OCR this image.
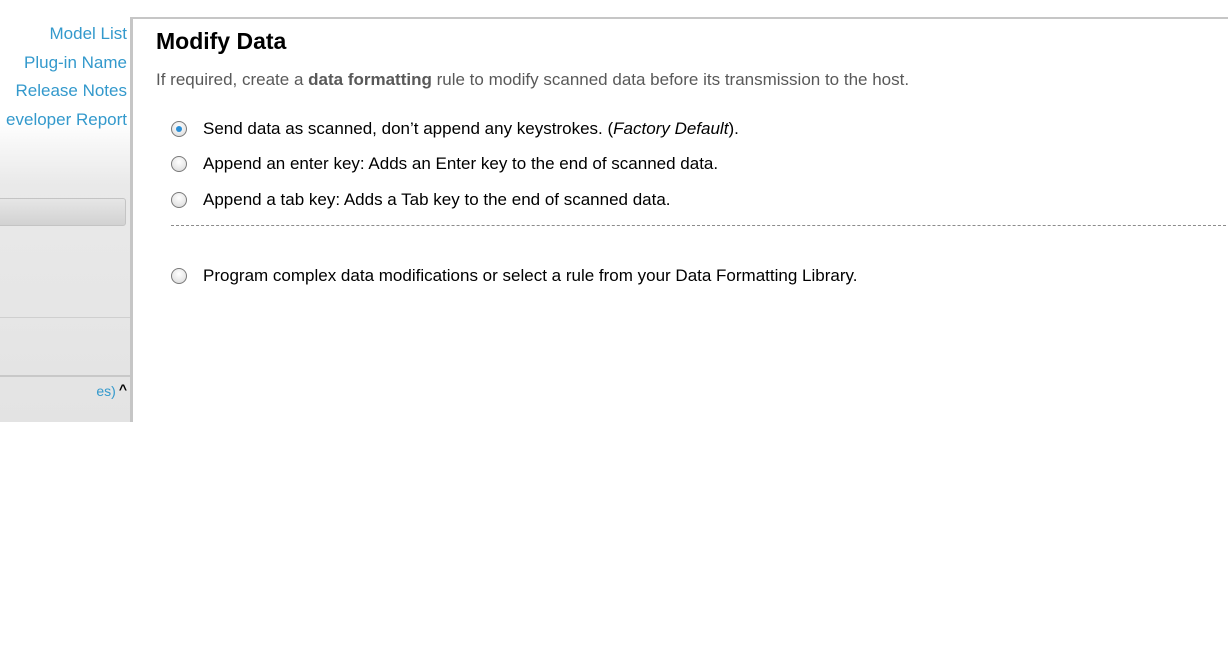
Model List
Plug-in Name
Release Notes
eveloper Report
es) ^
Modify Data
If required, create a data formatting rule to modify scanned data before its transmission to the host.
Send data as scanned, don’t append any keystrokes. (Factory Default).
Append an enter key: Adds an Enter key to the end of scanned data.
Append a tab key: Adds a Tab key to the end of scanned data.
Program complex data modifications or select a rule from your Data Formatting Library.
